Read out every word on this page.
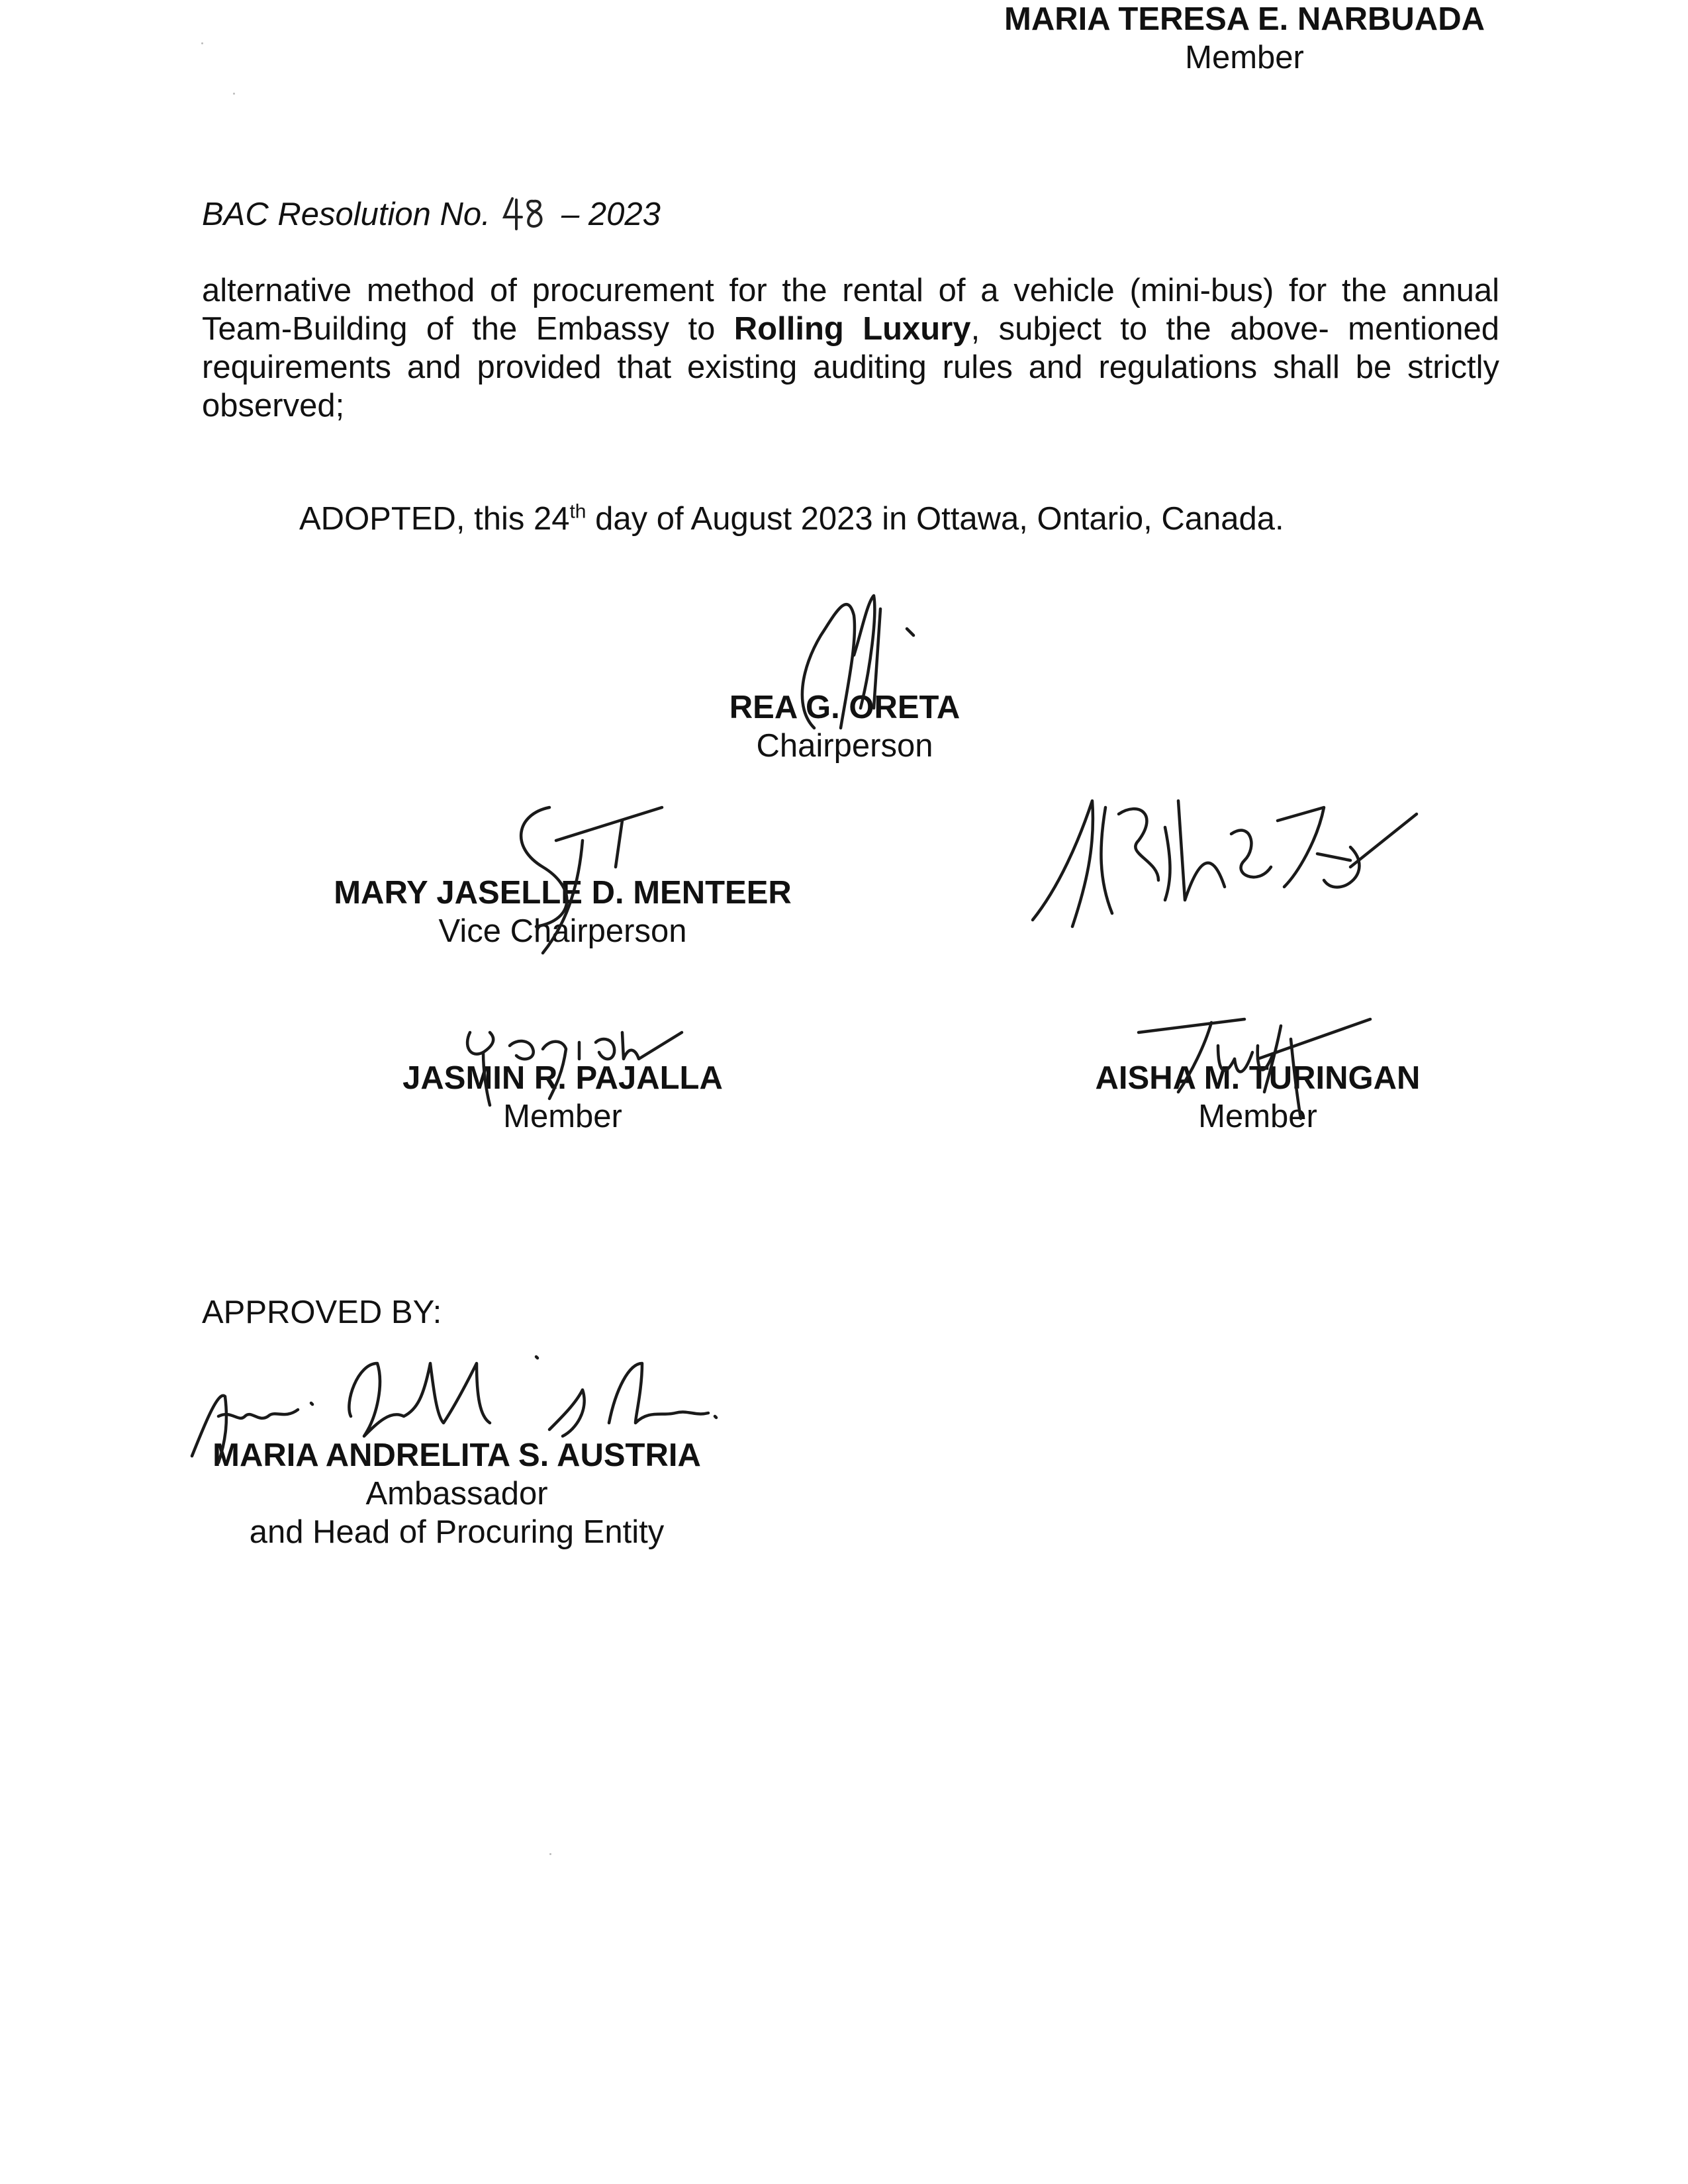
BAC Resolution No.  – 2023
alternative method of procurement for the rental of a vehicle (mini-bus) for the annual Team-Building of the Embassy to Rolling Luxury, subject to the above- mentioned requirements and provided that existing auditing rules and regulations shall be strictly observed;
ADOPTED, this 24th day of August 2023 in Ottawa, Ontario, Canada.
REA G. ORETA
Chairperson
MARY JASELLE D. MENTEER
Vice Chairperson
MARIA TERESA E. NARBUADA
Member
JASMIN R. PAJALLA
Member
AISHA M. TURINGAN
Member
APPROVED BY:
MARIA ANDRELITA S. AUSTRIA
Ambassador
and Head of Procuring Entity
